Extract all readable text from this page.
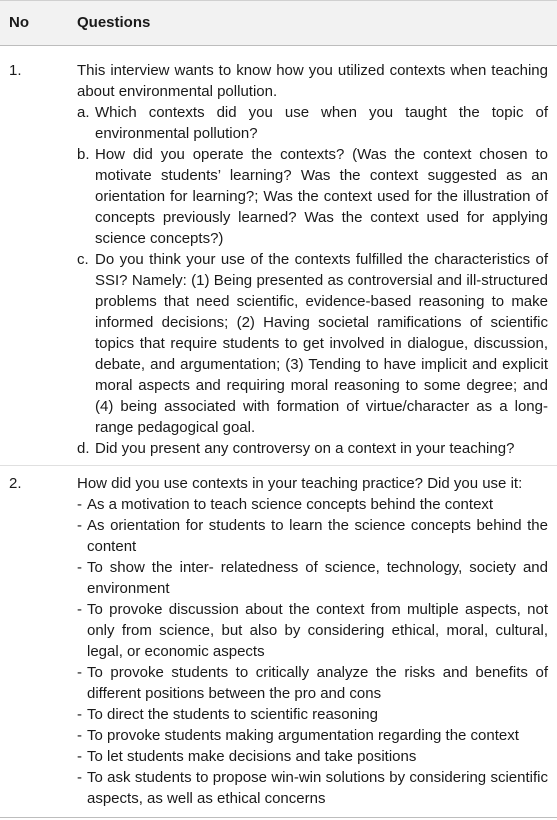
No	Questions
1.	This interview wants to know how you utilized contexts when teaching about environmental pollution.

a. Which contexts did you use when you taught the topic of environmental pollution?
b. How did you operate the contexts? (Was the context chosen to motivate students’ learning? Was the context suggested as an orientation for learning?; Was the context used for the illustration of concepts previously learned? Was the context used for applying science concepts?)
c. Do you think your use of the contexts fulfilled the characteristics of SSI? Namely: (1) Being presented as controversial and ill-structured problems that need scientific, evidence-based reasoning to make informed decisions; (2) Having societal ramifications of scientific topics that require students to get involved in dialogue, discussion, debate, and argumentation; (3) Tending to have implicit and explicit moral aspects and requiring moral reasoning to some degree; and (4) being associated with formation of virtue/character as a long-range pedagogical goal.
d. Did you present any controversy on a context in your teaching?
2.	How did you use contexts in your teaching practice? Did you use it:

- As a motivation to teach science concepts behind the context
- As orientation for students to learn the science concepts behind the content
- To show the inter- relatedness of science, technology, society and environment
- To provoke discussion about the context from multiple aspects, not only from science, but also by considering ethical, moral, cultural, legal, or economic aspects
- To provoke students to critically analyze the risks and benefits of different positions between the pro and cons
- To direct the students to scientific reasoning
- To provoke students making argumentation regarding the context
- To let students make decisions and take positions
- To ask students to propose win-win solutions by considering scientific aspects, as well as ethical concerns
